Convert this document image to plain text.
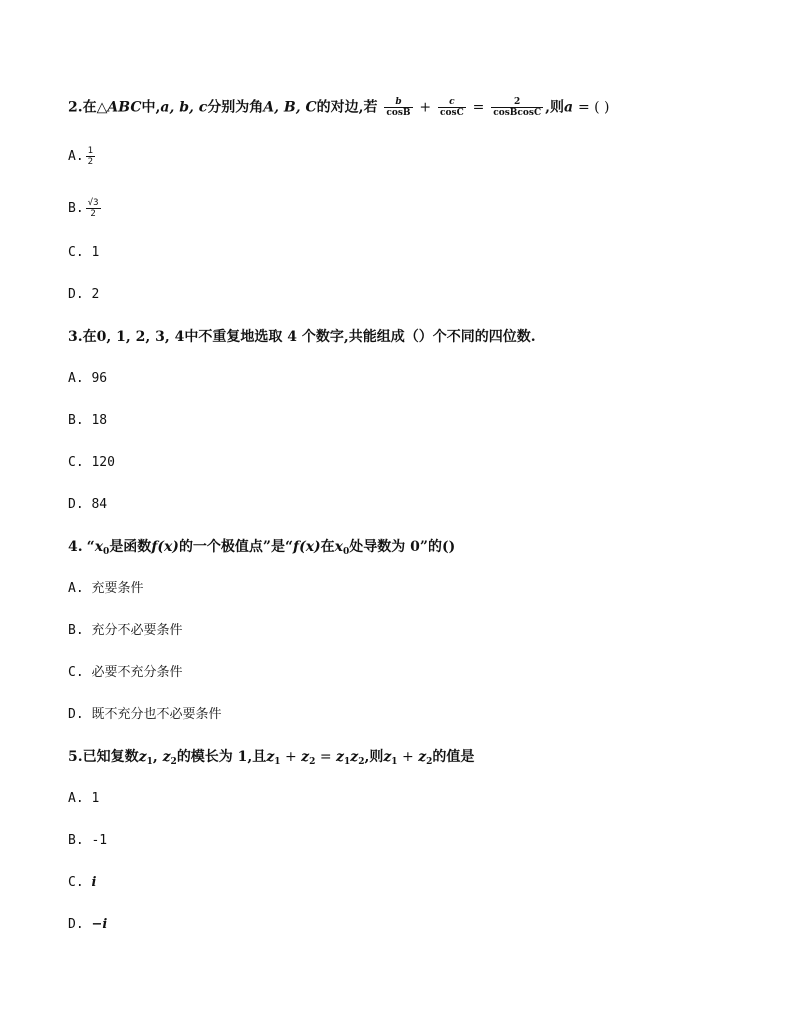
2.在△ABC中,a, b, c分别为角A, B, C的对边,若 $\frac{b}{\cos B} + \frac{c}{\cos C} = \frac{2}{\text{cosBcosC}}$ ,则a = ( )
A. $\frac{1}{2}$
B. $\frac{√3}{2}$
C. 1
D. 2
3.在0, 1, 2, 3, 4中不重复地选取 4 个数字,共能组成（）个不同的四位数.
A. 96
B. 18
C. 120
D. 84
4. “$x_0$是函数f(x)的一个极值点”是“f(x)在$x_0$处导数为 0”的()
A. 充要条件
B. 充分不必要条件
C. 必要不充分条件
D. 既不充分也不必要条件
5.已知复数$z_1$, $z_2$的模长为 1,且$z_1 + z_2 = z_1z_2$,则$z_1 + z_2$的值是
A. 1
B. -1
C. i
D. −i
